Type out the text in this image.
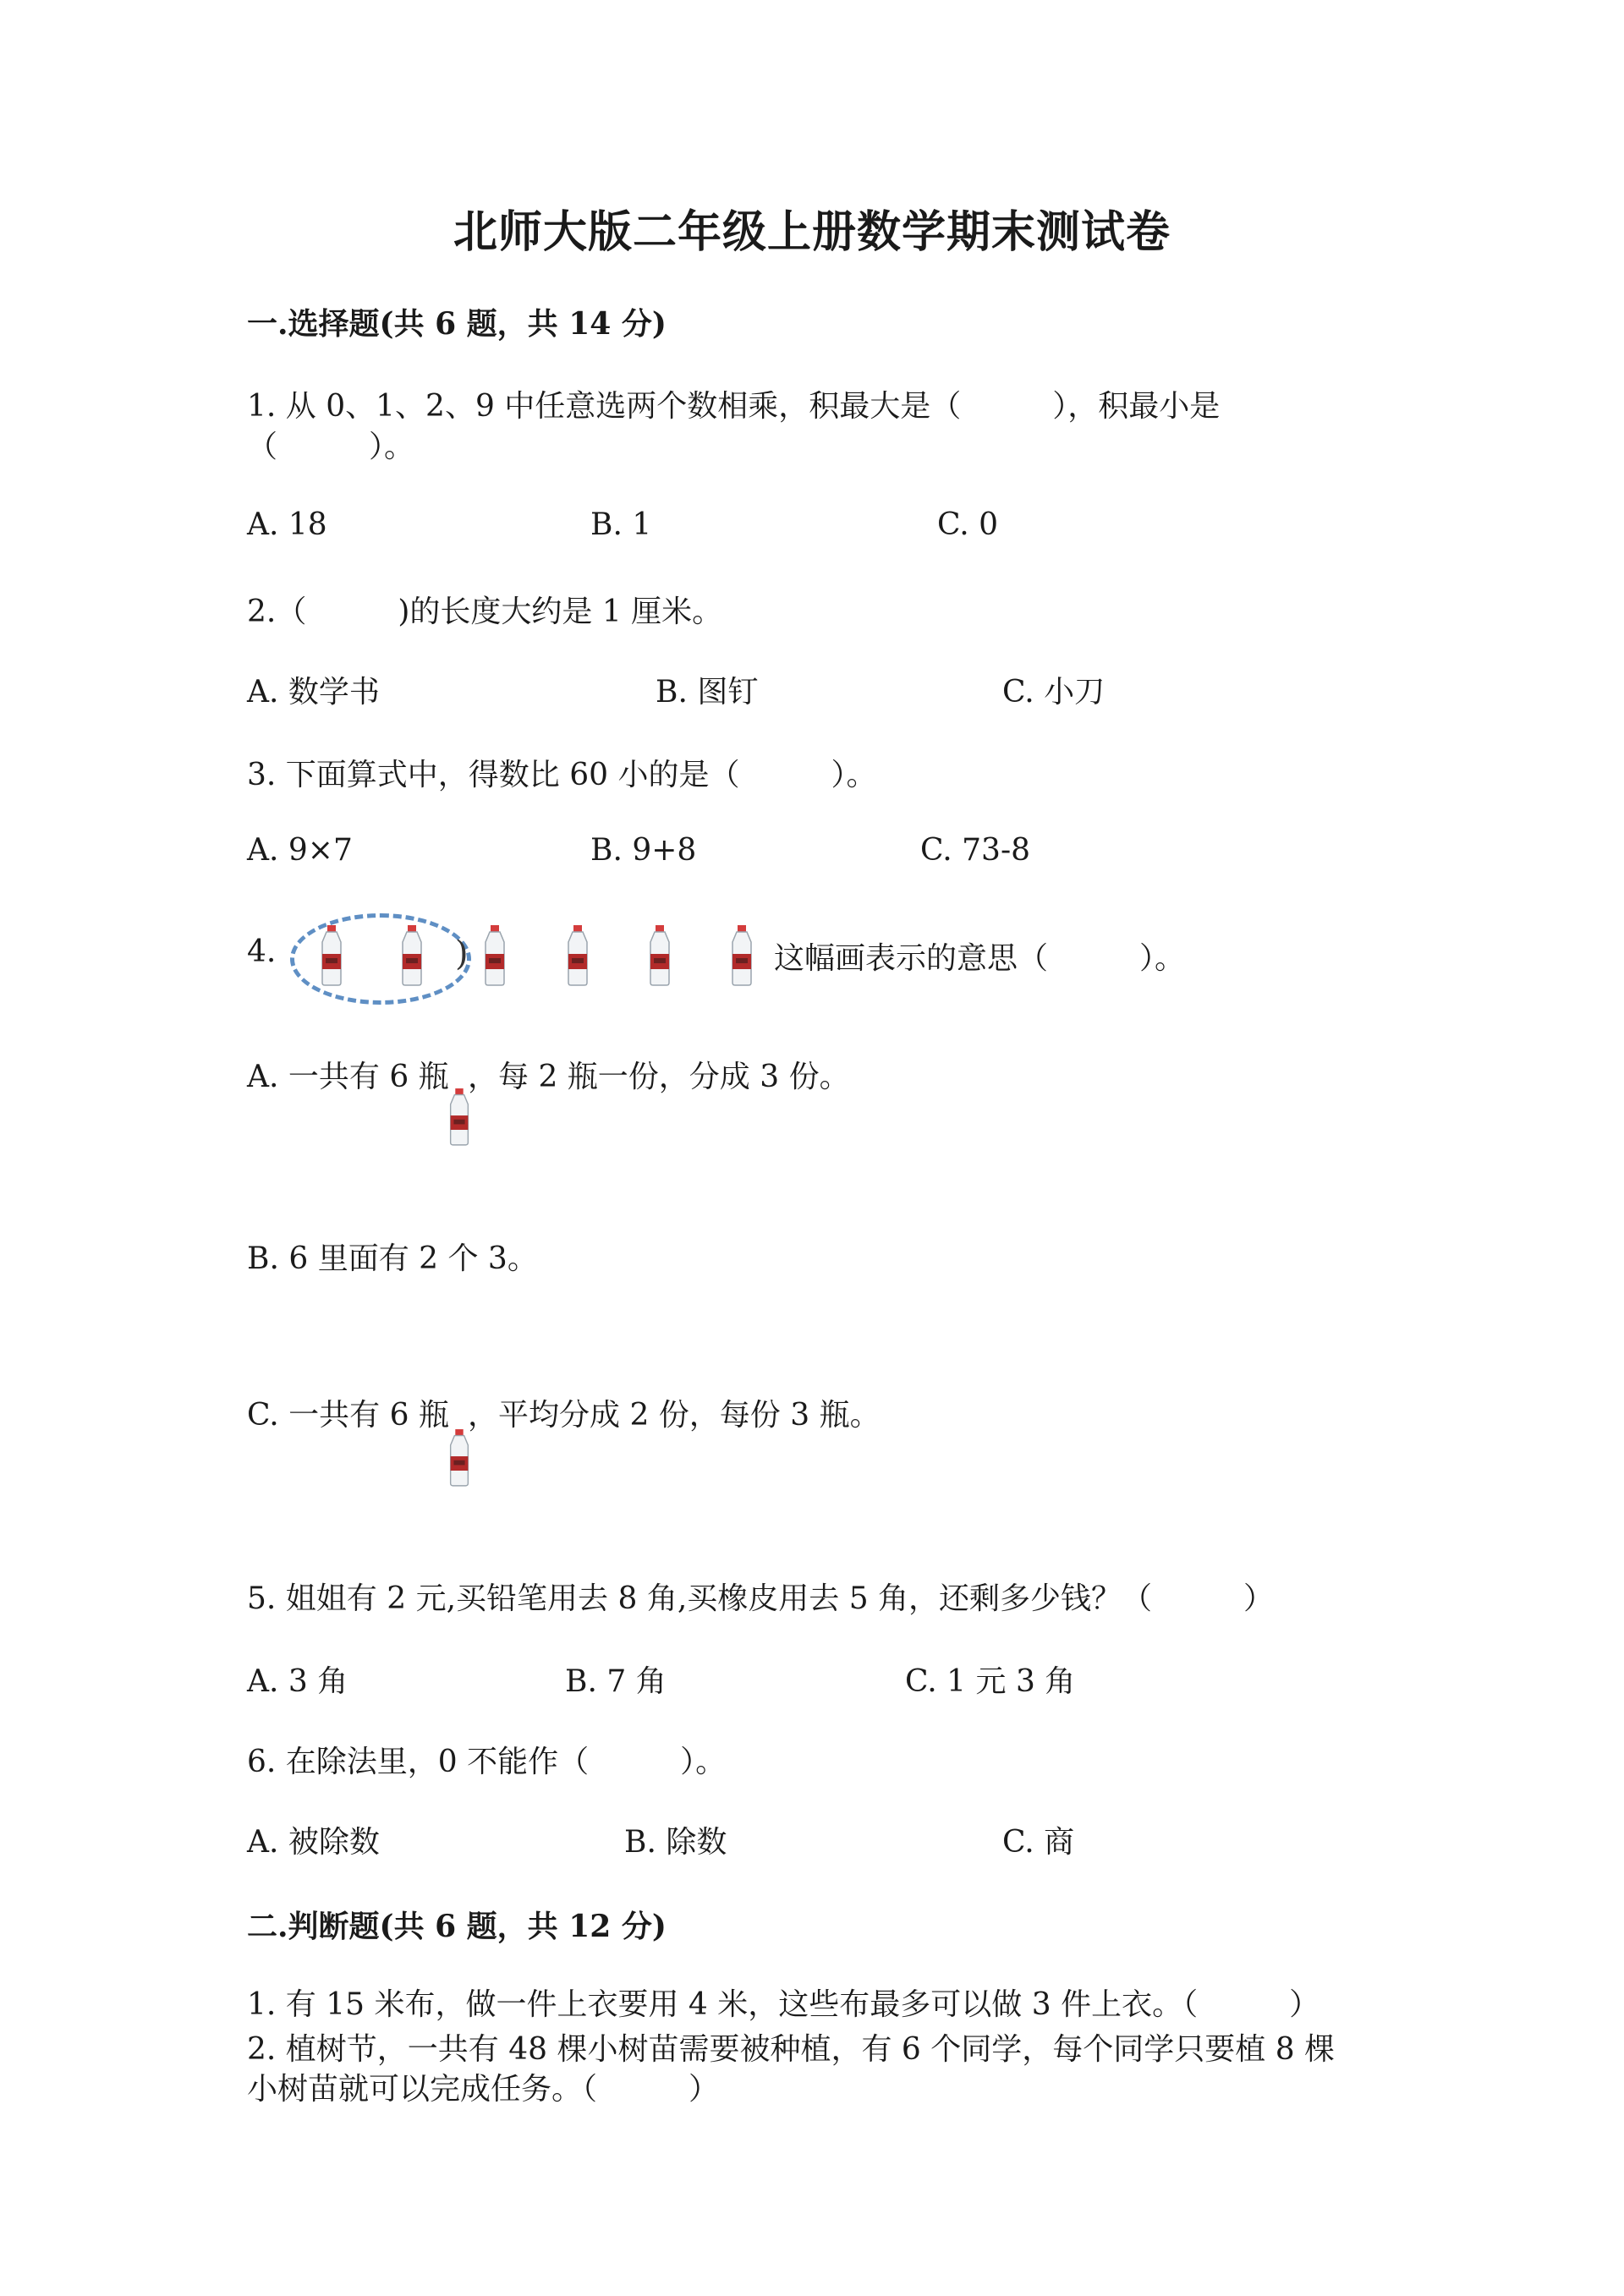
北师大版二年级上册数学期末测试卷
一.选择题(共 6 题，共 14 分)
1. 从 0、1、2、9 中任意选两个数相乘，积最大是（　　　），积最小是
（　　　）。
A. 18	B. 1	C. 0
2.（　　　)的长度大约是 1 厘米。
A. 数学书	B. 图钉	C. 小刀
3. 下面算式中，得数比 60 小的是（　　　）。
A. 9×7	B. 9+8	C. 73-8
4.	)	这幅画表示的意思（　　　）。
A. 一共有 6 瓶 ，每 2 瓶一份，分成 3 份。
B. 6 里面有 2 个 3。
C. 一共有 6 瓶 ，平均分成 2 份，每份 3 瓶。
5. 姐姐有 2 元,买铅笔用去 8 角,买橡皮用去 5 角，还剩多少钱？（　　　）
A. 3 角	B. 7 角	C. 1 元 3 角
6. 在除法里，0 不能作（　　　）。
A. 被除数	B. 除数	C. 商
二.判断题(共 6 题，共 12 分)
1. 有 15 米布，做一件上衣要用 4 米，这些布最多可以做 3 件上衣。（　　　）
2. 植树节，一共有 48 棵小树苗需要被种植，有 6 个同学，每个同学只要植 8 棵
小树苗就可以完成任务。（　　　）
